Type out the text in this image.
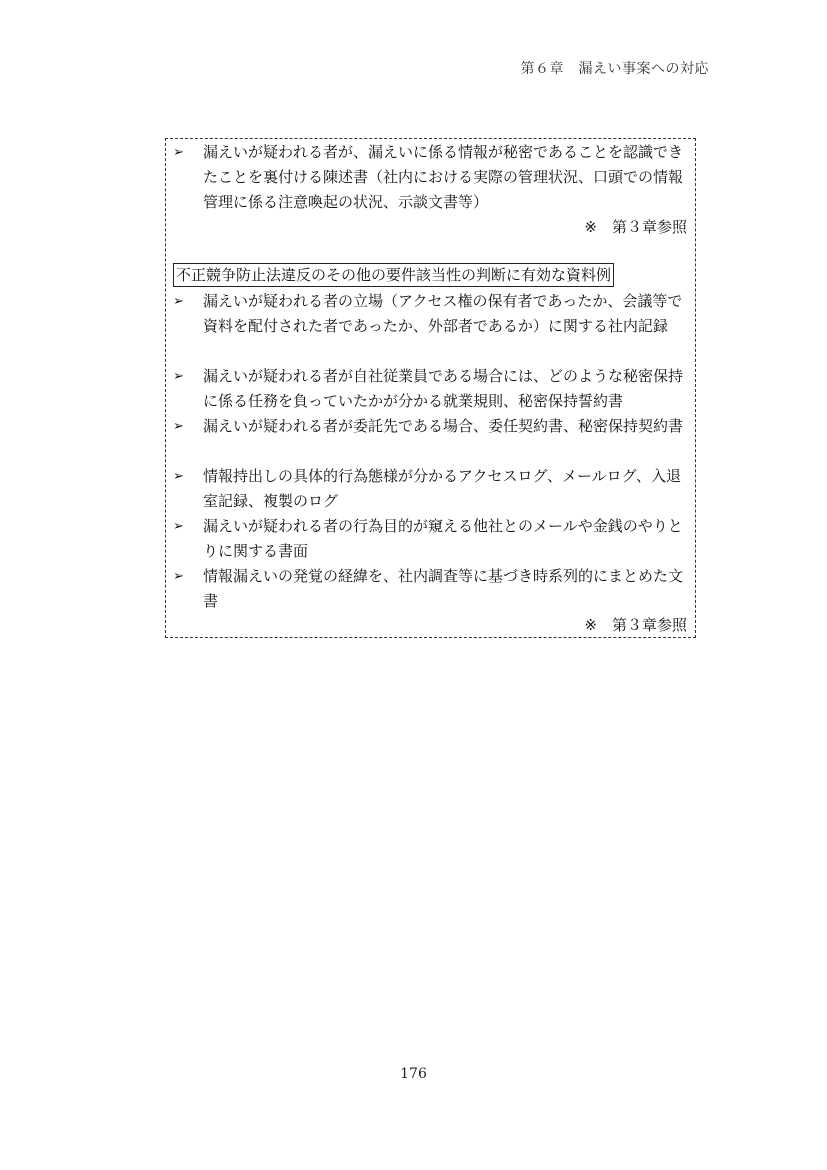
第６章　漏えい事案への対応
➢	漏えいが疑われる者が、漏えいに係る情報が秘密であることを認識できたことを裏付ける陳述書（社内における実際の管理状況、口頭での情報管理に係る注意喚起の状況、示談文書等）
※　第３章参照
不正競争防止法違反のその他の要件該当性の判断に有効な資料例
➢	漏えいが疑われる者の立場（アクセス権の保有者であったか、会議等で資料を配付された者であったか、外部者であるか）に関する社内記録
➢	漏えいが疑われる者が自社従業員である場合には、どのような秘密保持に係る任務を負っていたかが分かる就業規則、秘密保持誓約書
➢	漏えいが疑われる者が委託先である場合、委任契約書、秘密保持契約書
➢	情報持出しの具体的行為態様が分かるアクセスログ、メールログ、入退室記録、複製のログ
➢	漏えいが疑われる者の行為目的が窺える他社とのメールや金銭のやりとりに関する書面
➢	情報漏えいの発覚の経緯を、社内調査等に基づき時系列的にまとめた文書
※　第３章参照
176
